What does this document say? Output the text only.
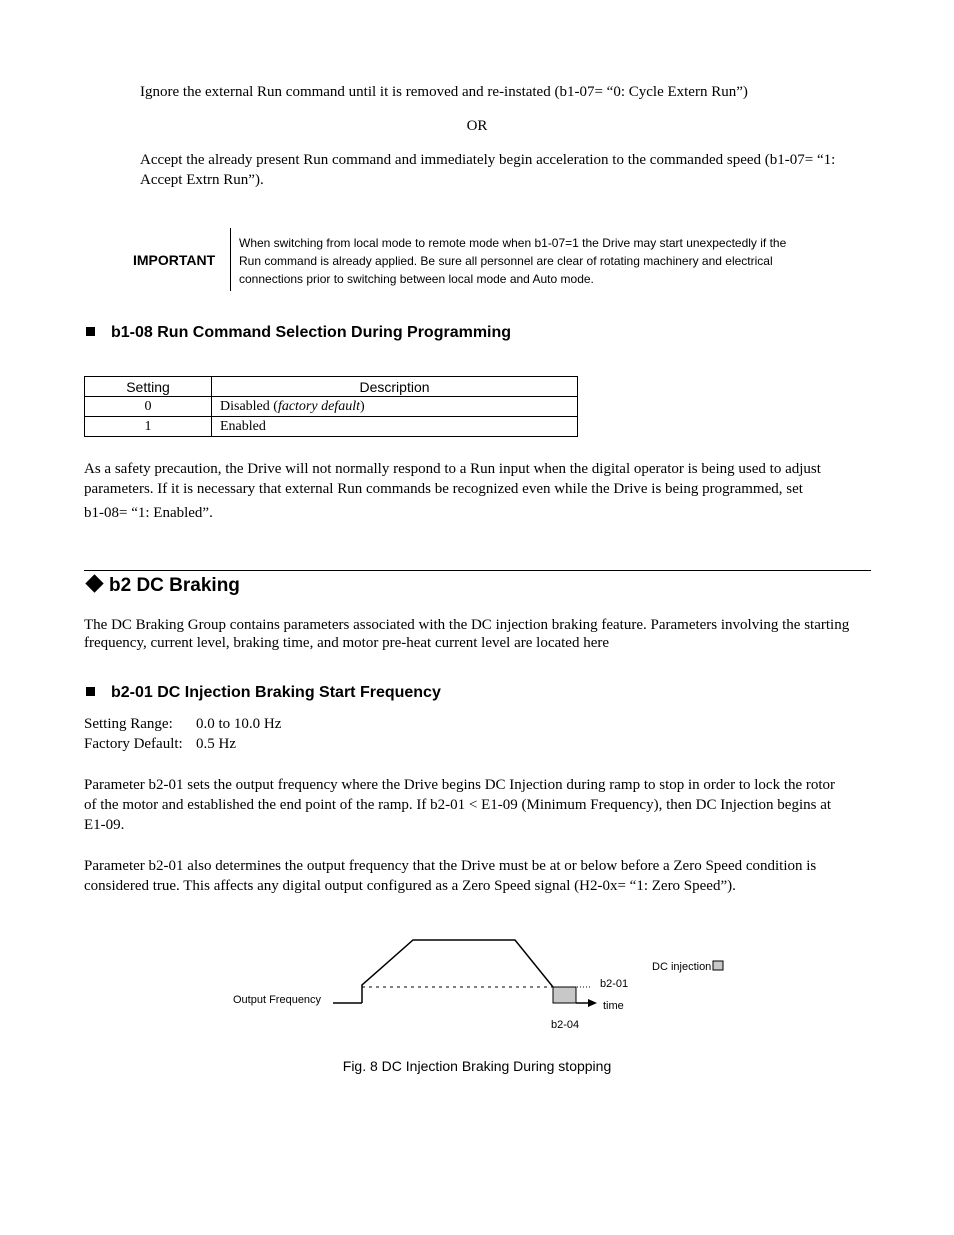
Ignore the external Run command until it is removed and re-instated (b1-07= “0: Cycle Extern Run”)
OR
Accept the already present Run command and immediately begin acceleration to the commanded speed (b1-07= “1:
Accept Extrn Run”).
IMPORTANT
When switching from local mode to remote mode when b1-07=1 the Drive may start unexpectedly if the
Run command is already applied. Be sure all personnel are clear of rotating machinery and electrical
connections prior to switching between local mode and Auto mode.
b1-08 Run Command Selection During Programming
Setting	Description
0	Disabled (factory default)
1	Enabled
As a safety precaution, the Drive will not normally respond to a Run input when the digital operator is being used to adjust
parameters. If it is necessary that external Run commands be recognized even while the Drive is being programmed, set
b1-08= “1: Enabled”.
b2 DC Braking
The DC Braking Group contains parameters associated with the DC injection braking feature. Parameters involving the starting
frequency, current level, braking time, and motor pre-heat current level are located here
b2-01 DC Injection Braking Start Frequency
Setting Range: 0.0 to 10.0 Hz
Factory Default: 0.5 Hz
Parameter b2-01 sets the output frequency where the Drive begins DC Injection during ramp to stop in order to lock the rotor
of the motor and established the end point of the ramp. If b2-01 < E1-09 (Minimum Frequency), then DC Injection begins at
E1-09.
Parameter b2-01 also determines the output frequency that the Drive must be at or below before a Zero Speed condition is
considered true. This affects any digital output configured as a Zero Speed signal (H2-0x= “1: Zero Speed”).
Output Frequency
DC injection
b2-01
time
b2-04
Fig. 8 DC Injection Braking During stopping
